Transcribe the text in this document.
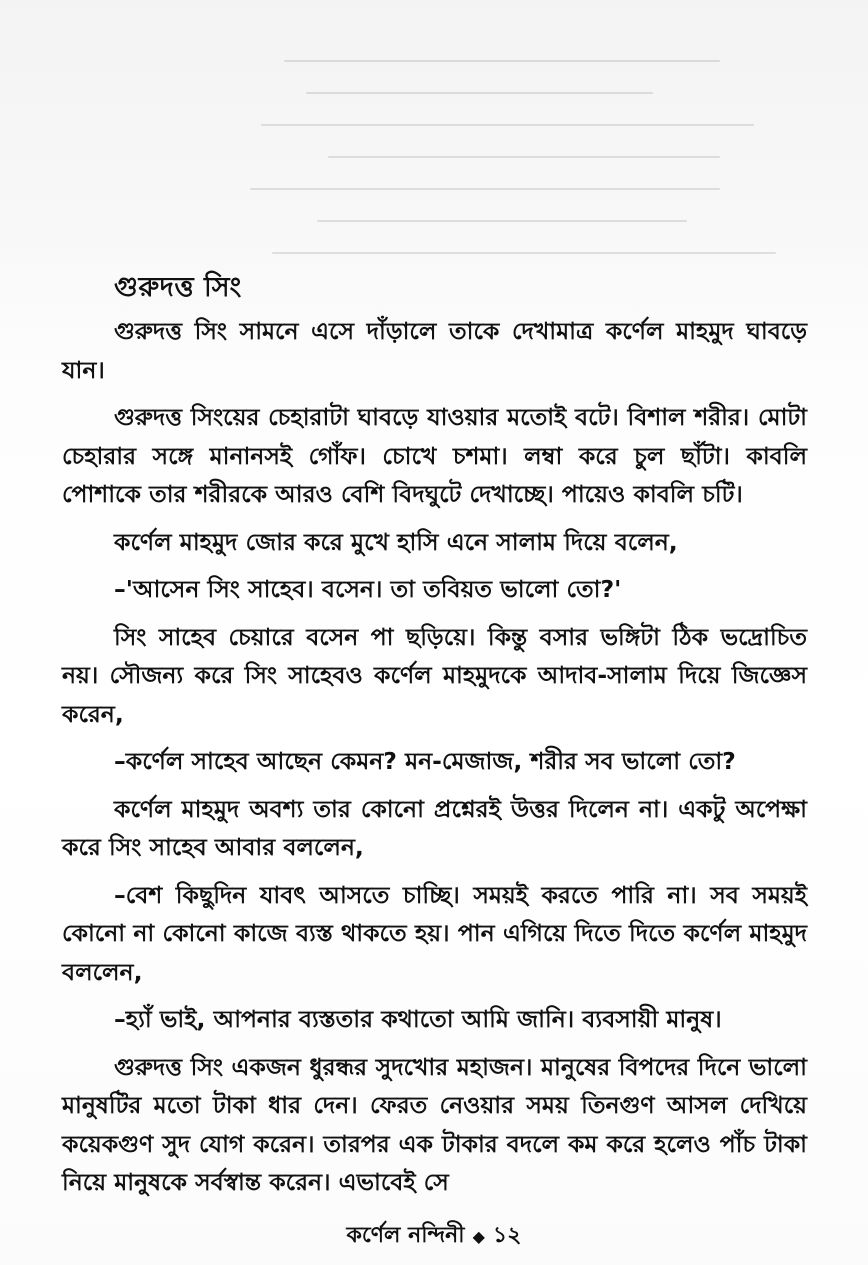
গুরুদত্ত সিং

গুরুদত্ত সিং সামনে এসে দাঁড়ালে তাকে দেখামাত্র কর্ণেল মাহমুদ ঘাবড়ে যান।

গুরুদত্ত সিংয়ের চেহারাটা ঘাবড়ে যাওয়ার মতোই বটে। বিশাল শরীর। মোটা চেহারার সঙ্গে মানানসই গোঁফ। চোখে চশমা। লম্বা করে চুল ছাঁটা। কাবলি পোশাকে তার শরীরকে আরও বেশি বিদঘুটে দেখাচ্ছে। পায়েও কাবলি চটি।

কর্ণেল মাহমুদ জোর করে মুখে হাসি এনে সালাম দিয়ে বলেন,

–'আসেন সিং সাহেব। বসেন। তা তবিয়ত ভালো তো?'

সিং সাহেব চেয়ারে বসেন পা ছড়িয়ে। কিন্তু বসার ভঙ্গিটা ঠিক ভদ্রোচিত নয়। সৌজন্য করে সিং সাহেবও কর্ণেল মাহমুদকে আদাব-সালাম দিয়ে জিজ্ঞেস করেন,

–কর্ণেল সাহেব আছেন কেমন? মন-মেজাজ, শরীর সব ভালো তো?

কর্ণেল মাহমুদ অবশ্য তার কোনো প্রশ্নেরই উত্তর দিলেন না। একটু অপেক্ষা করে সিং সাহেব আবার বললেন,

–বেশ কিছুদিন যাবৎ আসতে চাচ্ছি। সময়ই করতে পারি না। সব সময়ই কোনো না কোনো কাজে ব্যস্ত থাকতে হয়। পান এগিয়ে দিতে দিতে কর্ণেল মাহমুদ বললেন,

–হ্যাঁ ভাই, আপনার ব্যস্ততার কথাতো আমি জানি। ব্যবসায়ী মানুষ।

গুরুদত্ত সিং একজন ধুরন্ধর সুদখোর মহাজন। মানুষের বিপদের দিনে ভালো মানুষটির মতো টাকা ধার দেন। ফেরত নেওয়ার সময় তিনগুণ আসল দেখিয়ে কয়েকগুণ সুদ যোগ করেন। তারপর এক টাকার বদলে কম করে হলেও পাঁচ টাকা নিয়ে মানুষকে সর্বস্বান্ত করেন। এভাবেই সে

কর্ণেল নন্দিনী ◆ ১২
